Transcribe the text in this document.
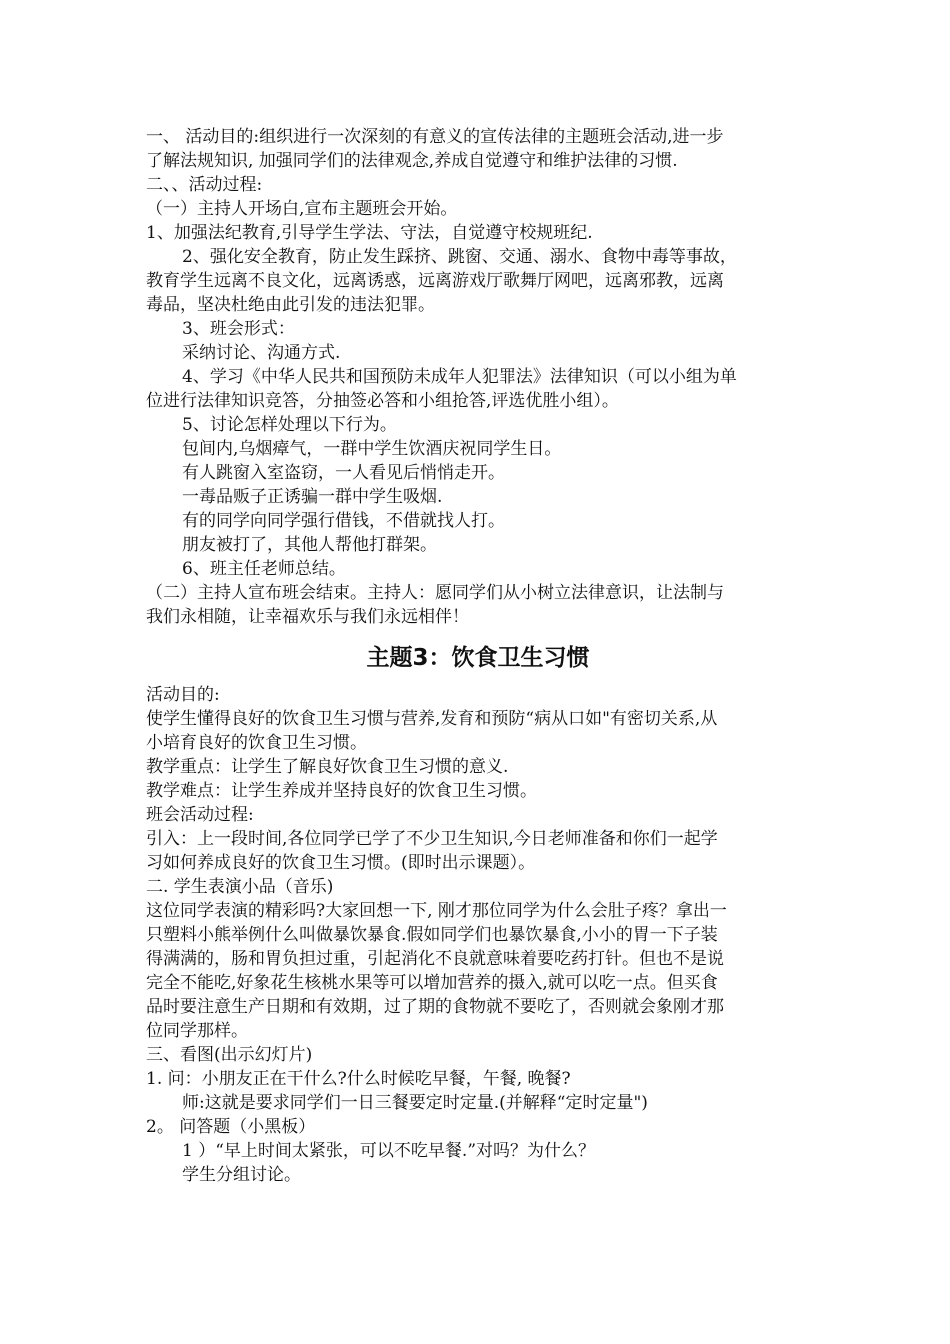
一、 活动目的:组织进行一次深刻的有意义的宣传法律的主题班会活动,进一步
了解法规知识, 加强同学们的法律观念,养成自觉遵守和维护法律的习惯.
二、、活动过程:
（一）主持人开场白,宣布主题班会开始。
1、加强法纪教育,引导学生学法、守法，自觉遵守校规班纪.
2、强化安全教育，防止发生踩挤、跳窗、交通、溺水、食物中毒等事故，
教育学生远离不良文化，远离诱惑，远离游戏厅歌舞厅网吧，远离邪教，远离
毒品，坚决杜绝由此引发的违法犯罪。
3、班会形式：
采纳讨论、沟通方式.
4、学习《中华人民共和国预防未成年人犯罪法》法律知识（可以小组为单
位进行法律知识竞答，分抽签必答和小组抢答,评选优胜小组）。
5、讨论怎样处理以下行为。
包间内,乌烟瘴气，一群中学生饮酒庆祝同学生日。
有人跳窗入室盗窃，一人看见后悄悄走开。
一毒品贩子正诱骗一群中学生吸烟.
有的同学向同学强行借钱，不借就找人打。
朋友被打了，其他人帮他打群架。
6、班主任老师总结。
（二）主持人宣布班会结束。主持人：愿同学们从小树立法律意识，让法制与
我们永相随，让幸福欢乐与我们永远相伴！
主题3：饮食卫生习惯
活动目的:
使学生懂得良好的饮食卫生习惯与营养,发育和预防“病从口如"有密切关系,从
小培育良好的饮食卫生习惯。
教学重点：让学生了解良好饮食卫生习惯的意义.
教学难点：让学生养成并坚持良好的饮食卫生习惯。
班会活动过程:
引入：上一段时间,各位同学已学了不少卫生知识,今日老师准备和你们一起学
习如何养成良好的饮食卫生习惯。(即时出示课题）。
二. 学生表演小品（音乐)
这位同学表演的精彩吗?大家回想一下, 刚才那位同学为什么会肚子疼？拿出一
只塑料小熊举例什么叫做暴饮暴食.假如同学们也暴饮暴食,小小的胃一下子装
得满满的，肠和胃负担过重，引起消化不良就意味着要吃药打针。但也不是说
完全不能吃,好象花生核桃水果等可以增加营养的摄入,就可以吃一点。但买食
品时要注意生产日期和有效期，过了期的食物就不要吃了，否则就会象刚才那
位同学那样。
三、看图(出示幻灯片)
1. 问：小朋友正在干什么?什么时候吃早餐，午餐, 晚餐?
师:这就是要求同学们一日三餐要定时定量.(并解释“定时定量")
2。 问答题（小黑板）
1 ）“早上时间太紧张，可以不吃早餐.”对吗？为什么？
学生分组讨论。
